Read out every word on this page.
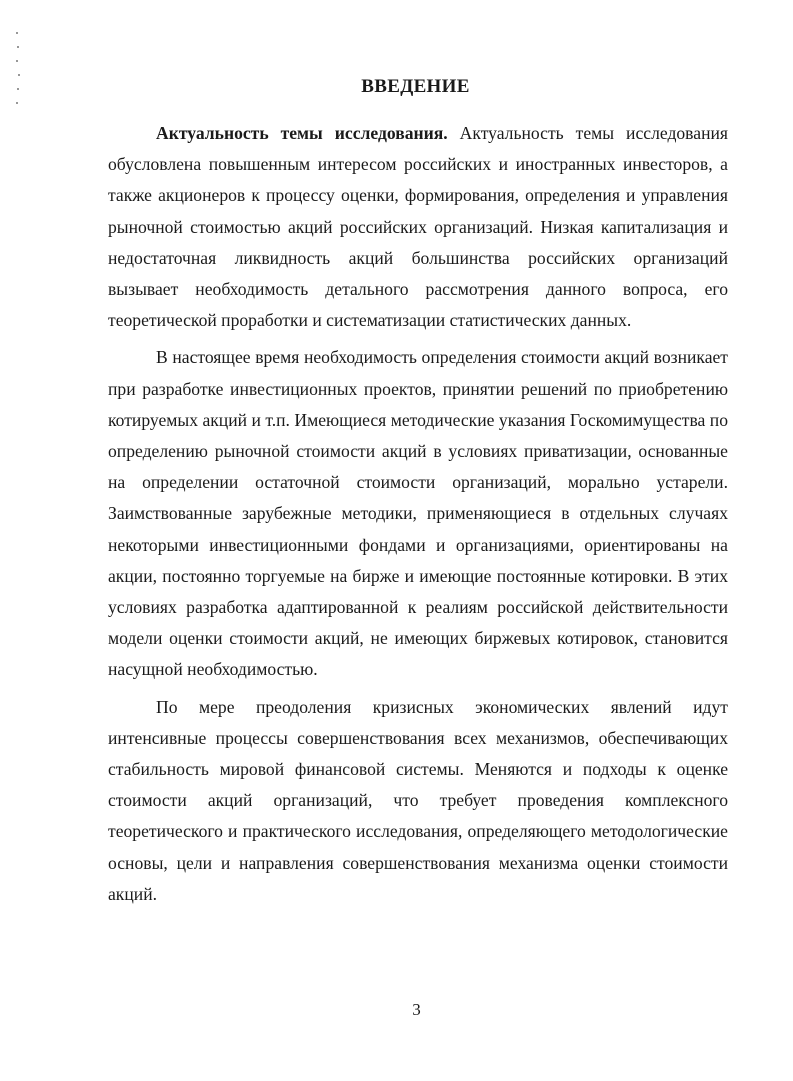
ВВЕДЕНИЕ

Актуальность темы исследования. Актуальность темы исследования обусловлена повышенным интересом российских и иностранных инвесторов, а также акционеров к процессу оценки, формирования, определения и управления рыночной стоимостью акций российских организаций. Низкая капитализация и недостаточная ликвидность акций большинства российских организаций вызывает необходимость детального рассмотрения данного вопроса, его теоретической проработки и систематизации статистических данных.

В настоящее время необходимость определения стоимости акций возникает при разработке инвестиционных проектов, принятии решений по приобретению котируемых акций и т.п. Имеющиеся методические указания Госкомимущества по определению рыночной стоимости акций в условиях приватизации, основанные на определении остаточной стоимости организаций, морально устарели. Заимствованные зарубежные методики, применяющиеся в отдельных случаях некоторыми инвестиционными фондами и организациями, ориентированы на акции, постоянно торгуемые на бирже и имеющие постоянные котировки. В этих условиях разработка адаптированной к реалиям российской действительности модели оценки стоимости акций, не имеющих биржевых котировок, становится насущной необходимостью.

По мере преодоления кризисных экономических явлений идут интенсивные процессы совершенствования всех механизмов, обеспечивающих стабильность мировой финансовой системы. Меняются и подходы к оценке стоимости акций организаций, что требует проведения комплексного теоретического и практического исследования, определяющего методологические основы, цели и направления совершенствования механизма оценки стоимости акций.

3
